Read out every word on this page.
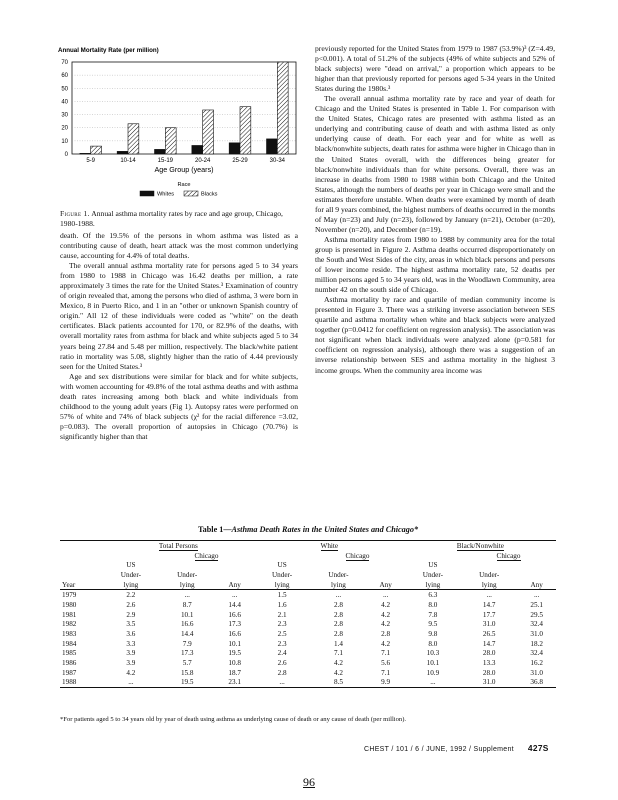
Annual Mortality Rate (per million)
0
10
20
30
40
50
60
70
5-9	10-14	15-19	20-24	25-29	30-34
Age Group (years)
Race
Whites	Blacks
Figure 1. Annual asthma mortality rates by race and age group, Chicago, 1980-1988.

death. Of the 19.5% of the persons in whom asthma was listed as a contributing cause of death, heart attack was the most common underlying cause, accounting for 4.4% of total deaths.

The overall annual asthma mortality rate for persons aged 5 to 34 years from 1980 to 1988 in Chicago was 16.42 deaths per million, a rate approximately 3 times the rate for the United States.³ Examination of country of origin revealed that, among the persons who died of asthma, 3 were born in Mexico, 8 in Puerto Rico, and 1 in an "other or unknown Spanish country of origin." All 12 of these individuals were coded as "white" on the death certificates. Black patients accounted for 170, or 82.9% of the deaths, with overall mortality rates from asthma for black and white subjects aged 5 to 34 years being 27.84 and 5.48 per million, respectively. The black/white patient ratio in mortality was 5.08, slightly higher than the ratio of 4.44 previously seen for the United States.³

Age and sex distributions were similar for black and for white subjects, with women accounting for 49.8% of the total asthma deaths and with asthma death rates increasing among both black and white individuals from childhood to the young adult years (Fig 1). Autopsy rates were performed on 57% of white and 74% of black subjects (χ² for the racial difference =3.02, p=0.083). The overall proportion of autopsies in Chicago (70.7%) is significantly higher than that

previously reported for the United States from 1979 to 1987 (53.9%)³ (Z=4.49, p<0.001). A total of 51.2% of the subjects (49% of white subjects and 52% of black subjects) were "dead on arrival," a proportion which appears to be higher than that previously reported for persons aged 5-34 years in the United States during the 1980s.³

The overall annual asthma mortality rate by race and year of death for Chicago and the United States is presented in Table 1. For comparison with the United States, Chicago rates are presented with asthma listed as an underlying and contributing cause of death and with asthma listed as only underlying cause of death. For each year and for white as well as black/nonwhite subjects, death rates for asthma were higher in Chicago than in the United States overall, with the differences being greater for black/nonwhite individuals than for white persons. Overall, there was an increase in deaths from 1980 to 1988 within both Chicago and the United States, although the numbers of deaths per year in Chicago were small and the estimates therefore unstable. When deaths were examined by month of death for all 9 years combined, the highest numbers of deaths occurred in the months of May (n=23) and July (n=23), followed by January (n=21), October (n=20), November (n=20), and December (n=19).

Asthma mortality rates from 1980 to 1988 by community area for the total group is presented in Figure 2. Asthma deaths occurred disproportionately on the South and West Sides of the city, areas in which black persons and persons of lower income reside. The highest asthma mortality rate, 52 deaths per million persons aged 5 to 34 years old, was in the Woodlawn Community, area number 42 on the south side of Chicago.

Asthma mortality by race and quartile of median community income is presented in Figure 3. There was a striking inverse association between SES quartile and asthma mortality when white and black subjects were analyzed together (p=0.0412 for coefficient on regression analysis). The association was not significant when black individuals were analyzed alone (p=0.581 for coefficient on regression analysis), although there was a suggestion of an inverse relationship between SES and asthma mortality in the highest 3 income groups. When the community area income was

Table 1—Asthma Death Rates in the United States and Chicago*
	Total Persons			White			Black/Nonwhite		
		Chicago			Chicago			Chicago	
	US			US			US		
	Under-	Under-		Under-	Under-		Under-	Under-	
Year	lying	lying	Any	lying	lying	Any	lying	lying	Any
1979	2.2	...	...	1.5	...	...	6.3	...	...
1980	2.6	8.7	14.4	1.6	2.8	4.2	8.0	14.7	25.1
1981	2.9	10.1	16.6	2.1	2.8	4.2	7.8	17.7	29.5
1982	3.5	16.6	17.3	2.3	2.8	4.2	9.5	31.0	32.4
1983	3.6	14.4	16.6	2.5	2.8	2.8	9.8	26.5	31.0
1984	3.3	7.9	10.1	2.3	1.4	4.2	8.0	14.7	18.2
1985	3.9	17.3	19.5	2.4	7.1	7.1	10.3	28.0	32.4
1986	3.9	5.7	10.8	2.6	4.2	5.6	10.1	13.3	16.2
1987	4.2	15.8	18.7	2.8	4.2	7.1	10.9	28.0	31.0
1988	...	19.5	23.1	...	8.5	9.9	...	31.0	36.8
*For patients aged 5 to 34 years old by year of death using asthma as underlying cause of death or any cause of death (per million).
CHEST / 101 / 6 / JUNE, 1992 / Supplement 427S
96
